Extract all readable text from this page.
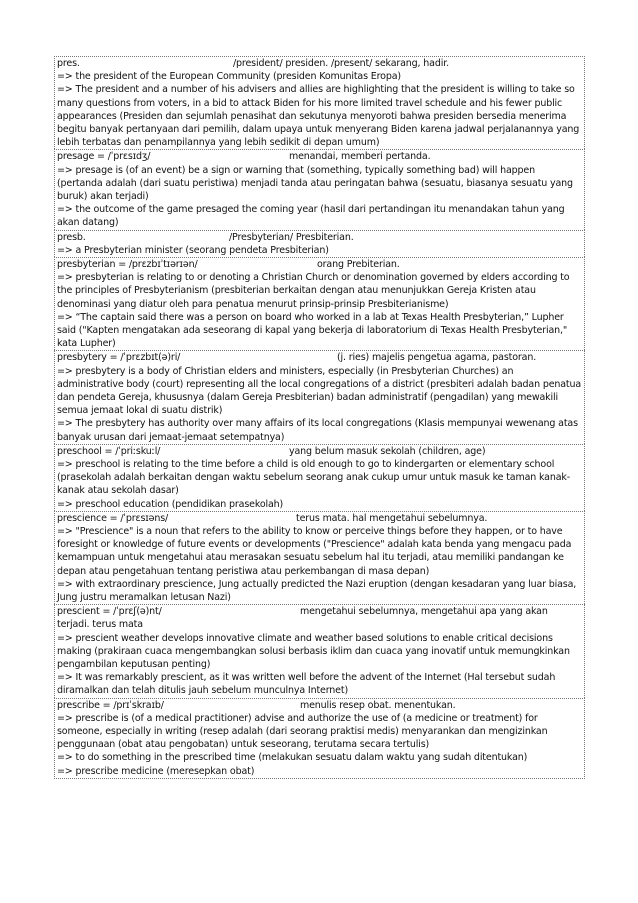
pres.	/president/ presiden. /present/ sekarang, hadir.
=> the president of the European Community (presiden Komunitas Eropa)
=> The president and a number of his advisers and allies are highlighting that the president is willing to take so many questions from voters, in a bid to attack Biden for his more limited travel schedule and his fewer public appearances (Presiden dan sejumlah penasihat dan sekutunya menyoroti bahwa presiden bersedia menerima begitu banyak pertanyaan dari pemilih, dalam upaya untuk menyerang Biden karena jadwal perjalanannya yang lebih terbatas dan penampilannya yang lebih sedikit di depan umum)
presage = /ˈprɛsɪdʒ/	menandai, memberi pertanda.
=> presage is (of an event) be a sign or warning that (something, typically something bad) will happen (pertanda adalah (dari suatu peristiwa) menjadi tanda atau peringatan bahwa (sesuatu, biasanya sesuatu yang buruk) akan terjadi)
=> the outcome of the game presaged the coming year (hasil dari pertandingan itu menandakan tahun yang akan datang)
presb.	/Presbyterian/ Presbiterian.
=> a Presbyterian minister (seorang pendeta Presbiterian)
presbyterian = /prɛzbɪˈtɪərɪən/	orang Prebiterian.
=> presbyterian is relating to or denoting a Christian Church or denomination governed by elders according to the principles of Presbyterianism (presbiterian berkaitan dengan atau menunjukkan Gereja Kristen atau denominasi yang diatur oleh para penatua menurut prinsip-prinsip Presbiterianisme)
=> “The captain said there was a person on board who worked in a lab at Texas Health Presbyterian,” Lupher said ("Kapten mengatakan ada seseorang di kapal yang bekerja di laboratorium di Texas Health Presbyterian," kata Lupher)
presbytery = /ˈprɛzbɪt(ə)ri/	(j. ries) majelis pengetua agama, pastoran.
=> presbytery is a body of Christian elders and ministers, especially (in Presbyterian Churches) an administrative body (court) representing all the local congregations of a district (presbiteri adalah badan penatua dan pendeta Gereja, khususnya (dalam Gereja Presbiterian) badan administratif (pengadilan) yang mewakili semua jemaat lokal di suatu distrik)
=> The presbytery has authority over many affairs of its local congregations (Klasis mempunyai wewenang atas banyak urusan dari jemaat-jemaat setempatnya)
preschool = /ˈpriːskuːl/	yang belum masuk sekolah (children, age)
=> preschool is relating to the time before a child is old enough to go to kindergarten or elementary school (prasekolah adalah berkaitan dengan waktu sebelum seorang anak cukup umur untuk masuk ke taman kanak-kanak atau sekolah dasar)
=> preschool education (pendidikan prasekolah)
prescience = /ˈprɛsɪəns/	terus mata. hal mengetahui sebelumnya.
=> "Prescience" is a noun that refers to the ability to know or perceive things before they happen, or to have foresight or knowledge of future events or developments ("Prescience" adalah kata benda yang mengacu pada kemampuan untuk mengetahui atau merasakan sesuatu sebelum hal itu terjadi, atau memiliki pandangan ke depan atau pengetahuan tentang peristiwa atau perkembangan di masa depan)
=> with extraordinary prescience, Jung actually predicted the Nazi eruption (dengan kesadaran yang luar biasa, Jung justru meramalkan letusan Nazi)
prescient = /ˈprɛʃ(ə)nt/	mengetahui sebelumnya, mengetahui apa yang akan
terjadi. terus mata
=> prescient weather develops innovative climate and weather based solutions to enable critical decisions making (prakiraan cuaca mengembangkan solusi berbasis iklim dan cuaca yang inovatif untuk memungkinkan pengambilan keputusan penting)
=> It was remarkably prescient, as it was written well before the advent of the Internet (Hal tersebut sudah diramalkan dan telah ditulis jauh sebelum munculnya Internet)
prescribe = /prɪˈskraɪb/	menulis resep obat. menentukan.
=> prescribe is (of a medical practitioner) advise and authorize the use of (a medicine or treatment) for someone, especially in writing (resep adalah (dari seorang praktisi medis) menyarankan dan mengizinkan penggunaan (obat atau pengobatan) untuk seseorang, terutama secara tertulis)
=> to do something in the prescribed time (melakukan sesuatu dalam waktu yang sudah ditentukan)
=> prescribe medicine (meresepkan obat)
